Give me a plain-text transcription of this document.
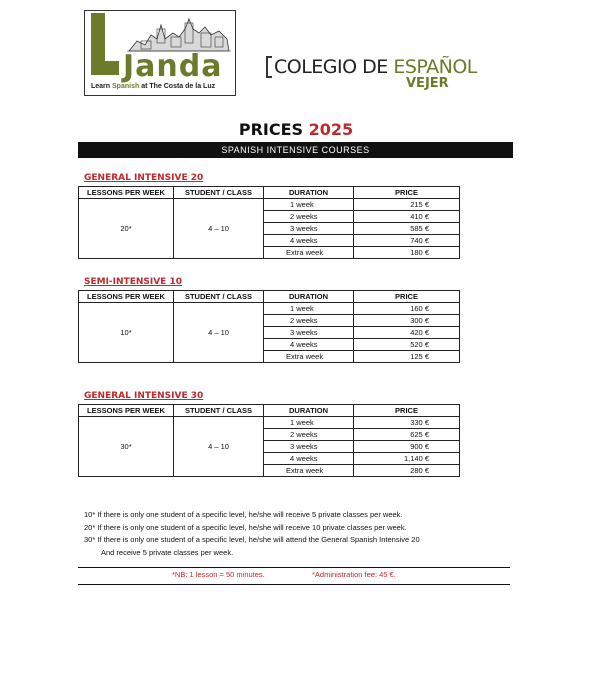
Janda
Learn Spanish at The Costa de la Luz
COLEGIO DE ESPAÑOL
VEJER
PRICES 2025
SPANISH INTENSIVE COURSES
GENERAL INTENSIVE 20
LESSONS PER WEEK	STUDENT / CLASS	DURATION	PRICE
20*	4 – 10	1 week	215 €
		2 weeks	410 €
		3 weeks	585 €
		4 weeks	740 €
		Extra week	180 €
SEMI-INTENSIVE 10
LESSONS PER WEEK	STUDENT / CLASS	DURATION	PRICE
10*	4 – 10	1 week	160 €
		2 weeks	300 €
		3 weeks	420 €
		4 weeks	520 €
		Extra week	125 €
GENERAL INTENSIVE 30
LESSONS PER WEEK	STUDENT / CLASS	DURATION	PRICE
30*	4 – 10	1 week	330 €
		2 weeks	625 €
		3 weeks	900 €
		4 weeks	1,140 €
		Extra week	280 €
10* If there is only one student of a specific level, he/she will receive 5 private classes per week.
20* If there is only one student of a specific level, he/she will receive 10 private classes per week.
30* If there is only one student of a specific level, he/she will attend the General Spanish Intensive 20
And receive 5 private classes per week.
*NB: 1 lesson = 50 minutes.	*Administration fee: 45 €.
